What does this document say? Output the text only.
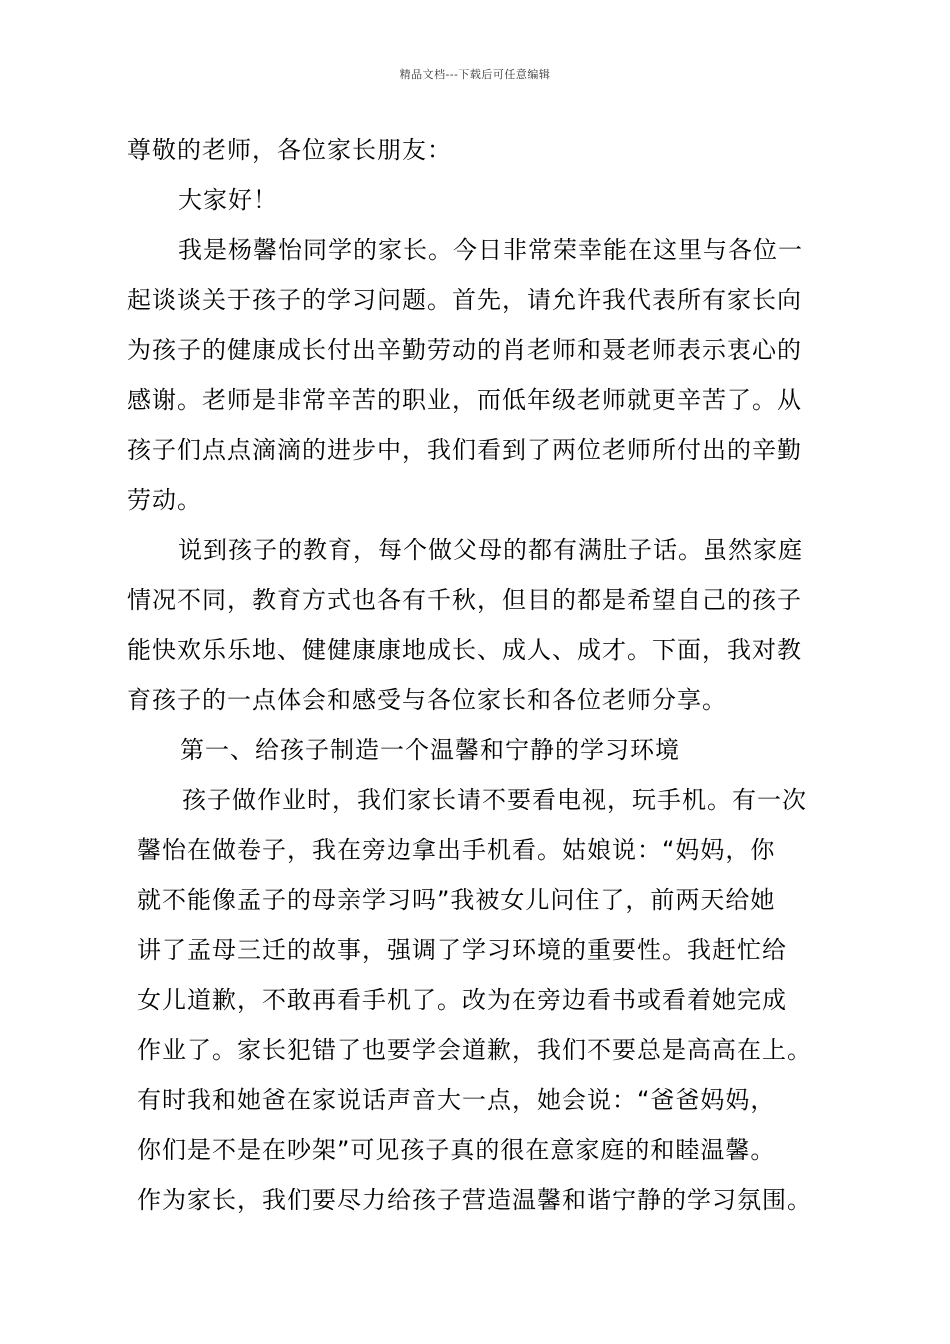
精品文档---下载后可任意编辑
尊敬的老师，各位家长朋友：
大家好！
我是杨馨怡同学的家长。今日非常荣幸能在这里与各位一
起谈谈关于孩子的学习问题。首先，请允许我代表所有家长向
为孩子的健康成长付出辛勤劳动的肖老师和聂老师表示衷心的
感谢。老师是非常辛苦的职业，而低年级老师就更辛苦了。从
孩子们点点滴滴的进步中，我们看到了两位老师所付出的辛勤
劳动。
说到孩子的教育，每个做父母的都有满肚子话。虽然家庭
情况不同，教育方式也各有千秋，但目的都是希望自己的孩子
能快欢乐乐地、健健康康地成长、成人、成才。下面，我对教
育孩子的一点体会和感受与各位家长和各位老师分享。
第一、给孩子制造一个温馨和宁静的学习环境
孩子做作业时，我们家长请不要看电视，玩手机。有一次
馨怡在做卷子，我在旁边拿出手机看。姑娘说：“妈妈，你
就不能像孟子的母亲学习吗”我被女儿问住了，前两天给她
讲了孟母三迁的故事，强调了学习环境的重要性。我赶忙给
女儿道歉，不敢再看手机了。改为在旁边看书或看着她完成
作业了。家长犯错了也要学会道歉，我们不要总是高高在上。
有时我和她爸在家说话声音大一点，她会说：“爸爸妈妈，
你们是不是在吵架”可见孩子真的很在意家庭的和睦温馨。
作为家长，我们要尽力给孩子营造温馨和谐宁静的学习氛围。
